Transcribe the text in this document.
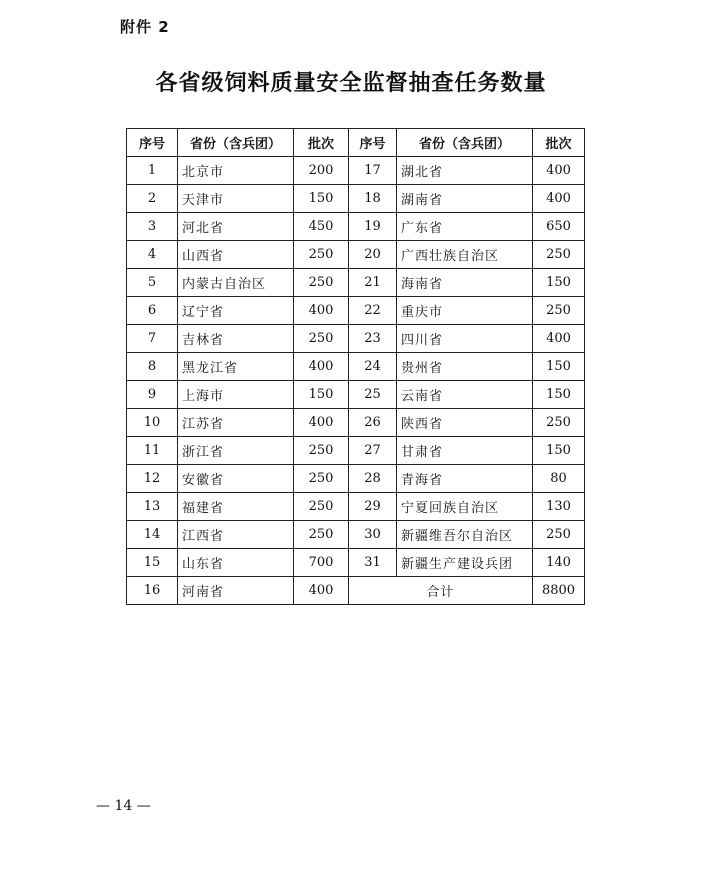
附件 2
各省级饲料质量安全监督抽查任务数量
序号	省份（含兵团）	批次	序号	省份（含兵团）	批次
1	北京市	200	17	湖北省	400
2	天津市	150	18	湖南省	400
3	河北省	450	19	广东省	650
4	山西省	250	20	广西壮族自治区	250
5	内蒙古自治区	250	21	海南省	150
6	辽宁省	400	22	重庆市	250
7	吉林省	250	23	四川省	400
8	黑龙江省	400	24	贵州省	150
9	上海市	150	25	云南省	150
10	江苏省	400	26	陕西省	250
11	浙江省	250	27	甘肃省	150
12	安徽省	250	28	青海省	80
13	福建省	250	29	宁夏回族自治区	130
14	江西省	250	30	新疆维吾尔自治区	250
15	山东省	700	31	新疆生产建设兵团	140
16	河南省	400	合计		8800
— 14 —
